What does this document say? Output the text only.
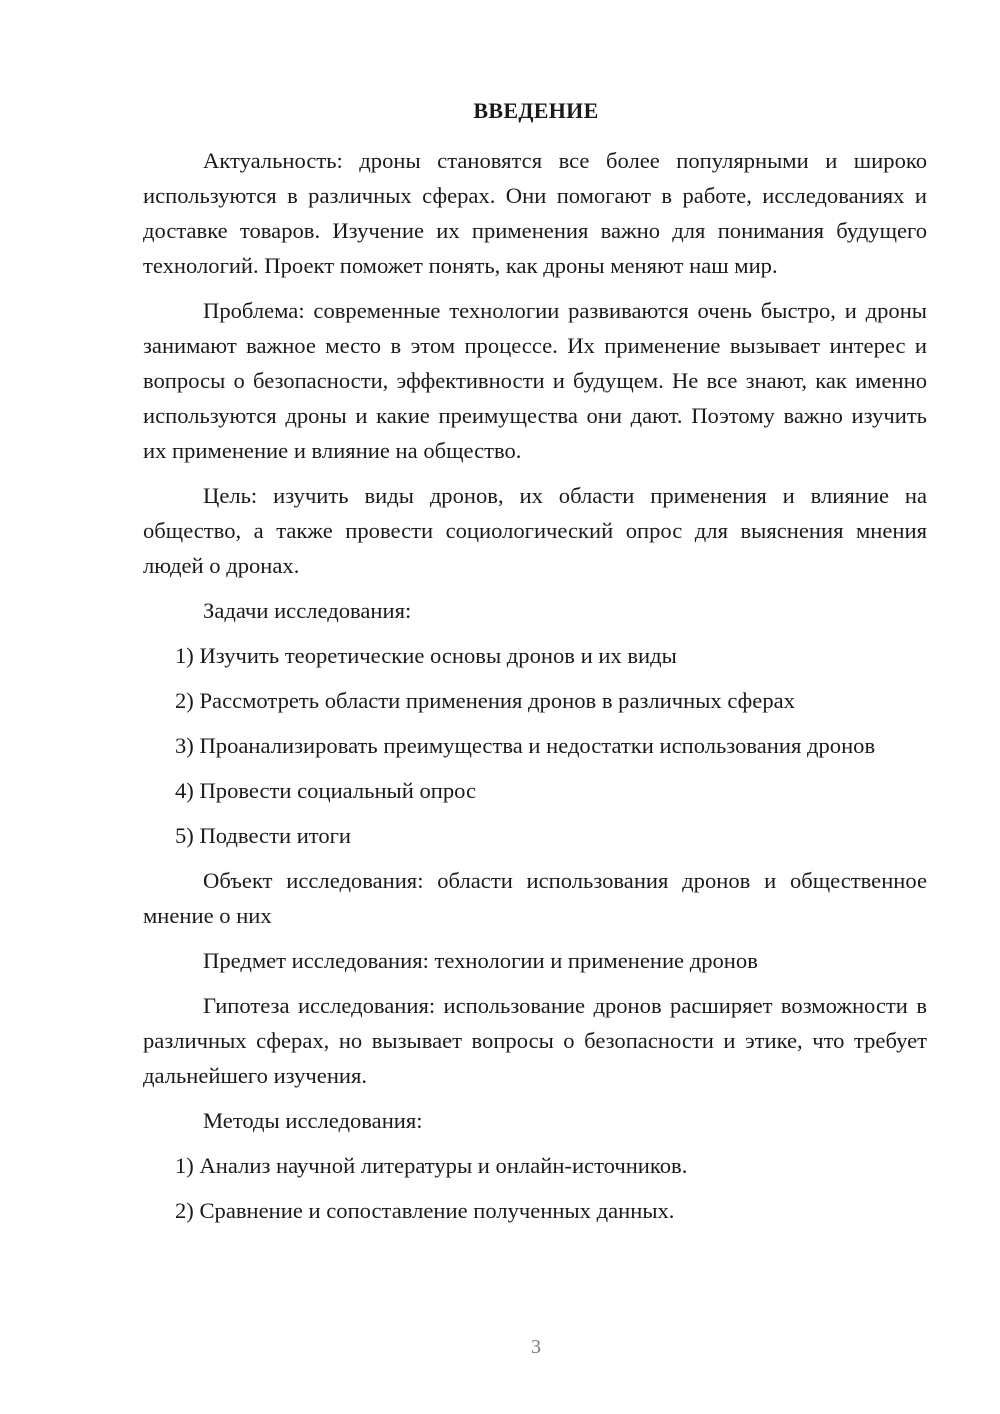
ВВЕДЕНИЕ

Актуальность: дроны становятся все более популярными и широко используются в различных сферах. Они помогают в работе, исследованиях и доставке товаров. Изучение их применения важно для понимания будущего технологий. Проект поможет понять, как дроны меняют наш мир.

Проблема: современные технологии развиваются очень быстро, и дроны занимают важное место в этом процессе. Их применение вызывает интерес и вопросы о безопасности, эффективности и будущем. Не все знают, как именно используются дроны и какие преимущества они дают. Поэтому важно изучить их применение и влияние на общество.

Цель: изучить виды дронов, их области применения и влияние на общество, а также провести социологический опрос для выяснения мнения людей о дронах.

Задачи исследования:

1) Изучить теоретические основы дронов и их виды

2) Рассмотреть области применения дронов в различных сферах

3) Проанализировать преимущества и недостатки использования дронов

4) Провести социальный опрос

5) Подвести итоги

Объект исследования: области использования дронов и общественное мнение о них

Предмет исследования: технологии и применение дронов

Гипотеза исследования: использование дронов расширяет возможности в различных сферах, но вызывает вопросы о безопасности и этике, что требует дальнейшего изучения.

Методы исследования:

1) Анализ научной литературы и онлайн-источников.

2) Сравнение и сопоставление полученных данных.

3
